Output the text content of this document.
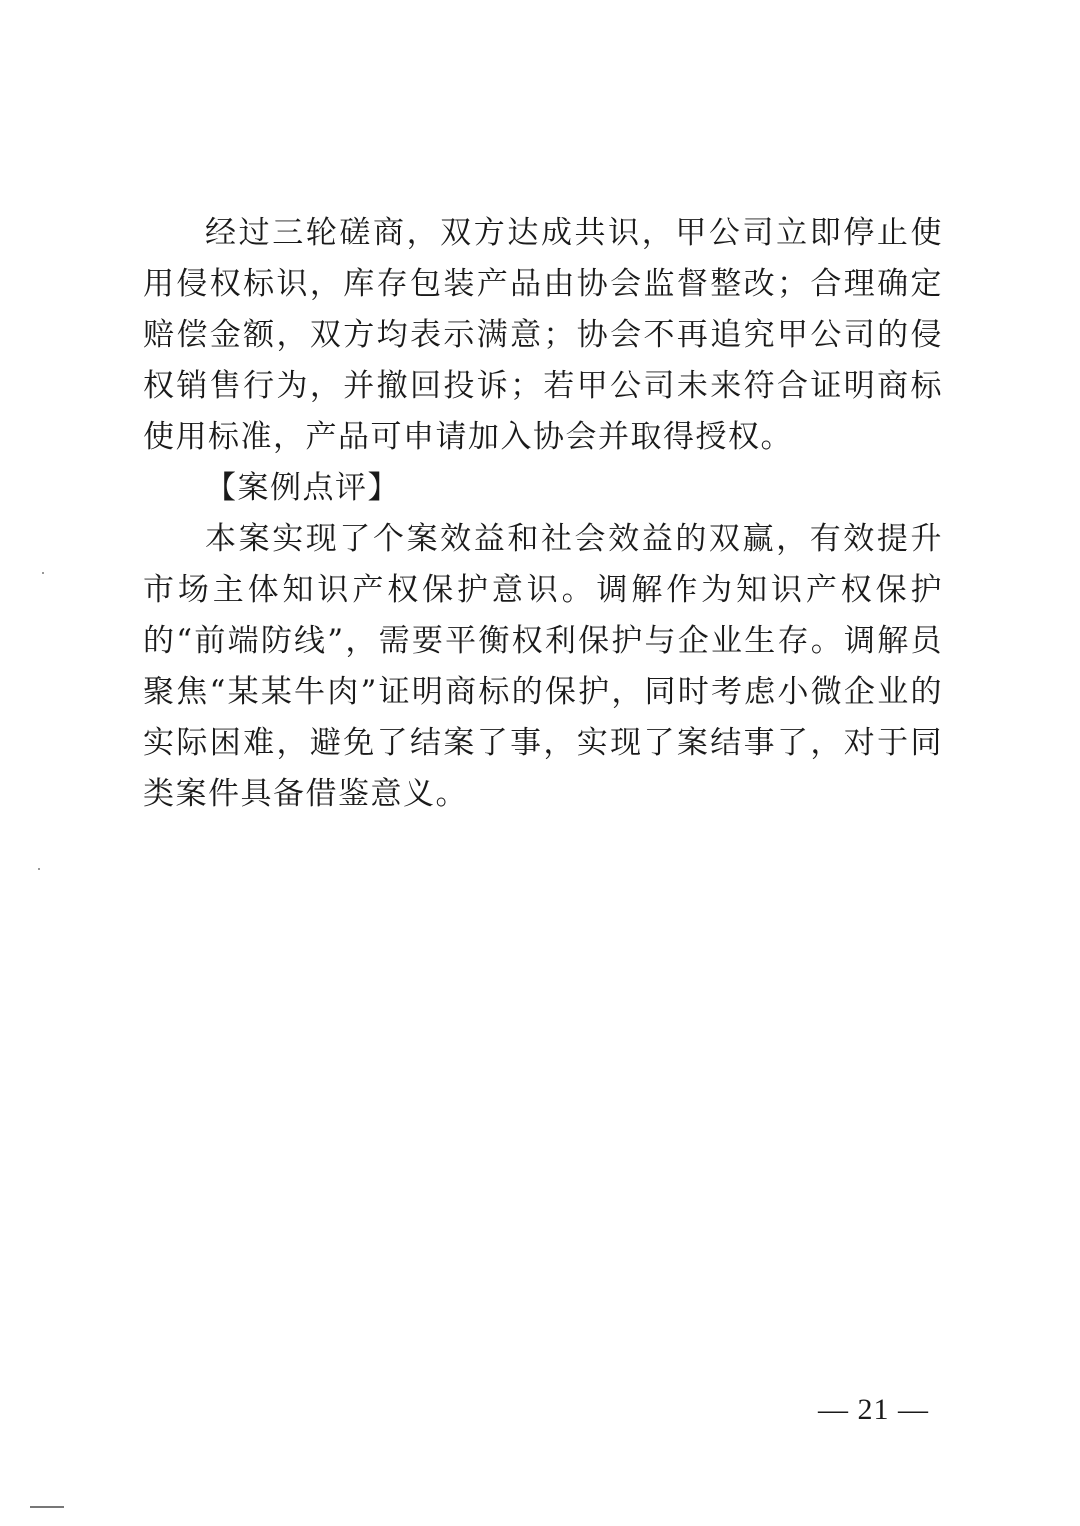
经过三轮磋商，双方达成共识，甲公司立即停止使用侵权标识，库存包装产品由协会监督整改；合理确定赔偿金额，双方均表示满意；协会不再追究甲公司的侵权销售行为，并撤回投诉；若甲公司未来符合证明商标使用标准，产品可申请加入协会并取得授权。

【案例点评】

本案实现了个案效益和社会效益的双赢，有效提升市场主体知识产权保护意识。调解作为知识产权保护的“前端防线”，需要平衡权利保护与企业生存。调解员聚焦“某某牛肉”证明商标的保护，同时考虑小微企业的实际困难，避免了结案了事，实现了案结事了，对于同类案件具备借鉴意义。

— 21 —
